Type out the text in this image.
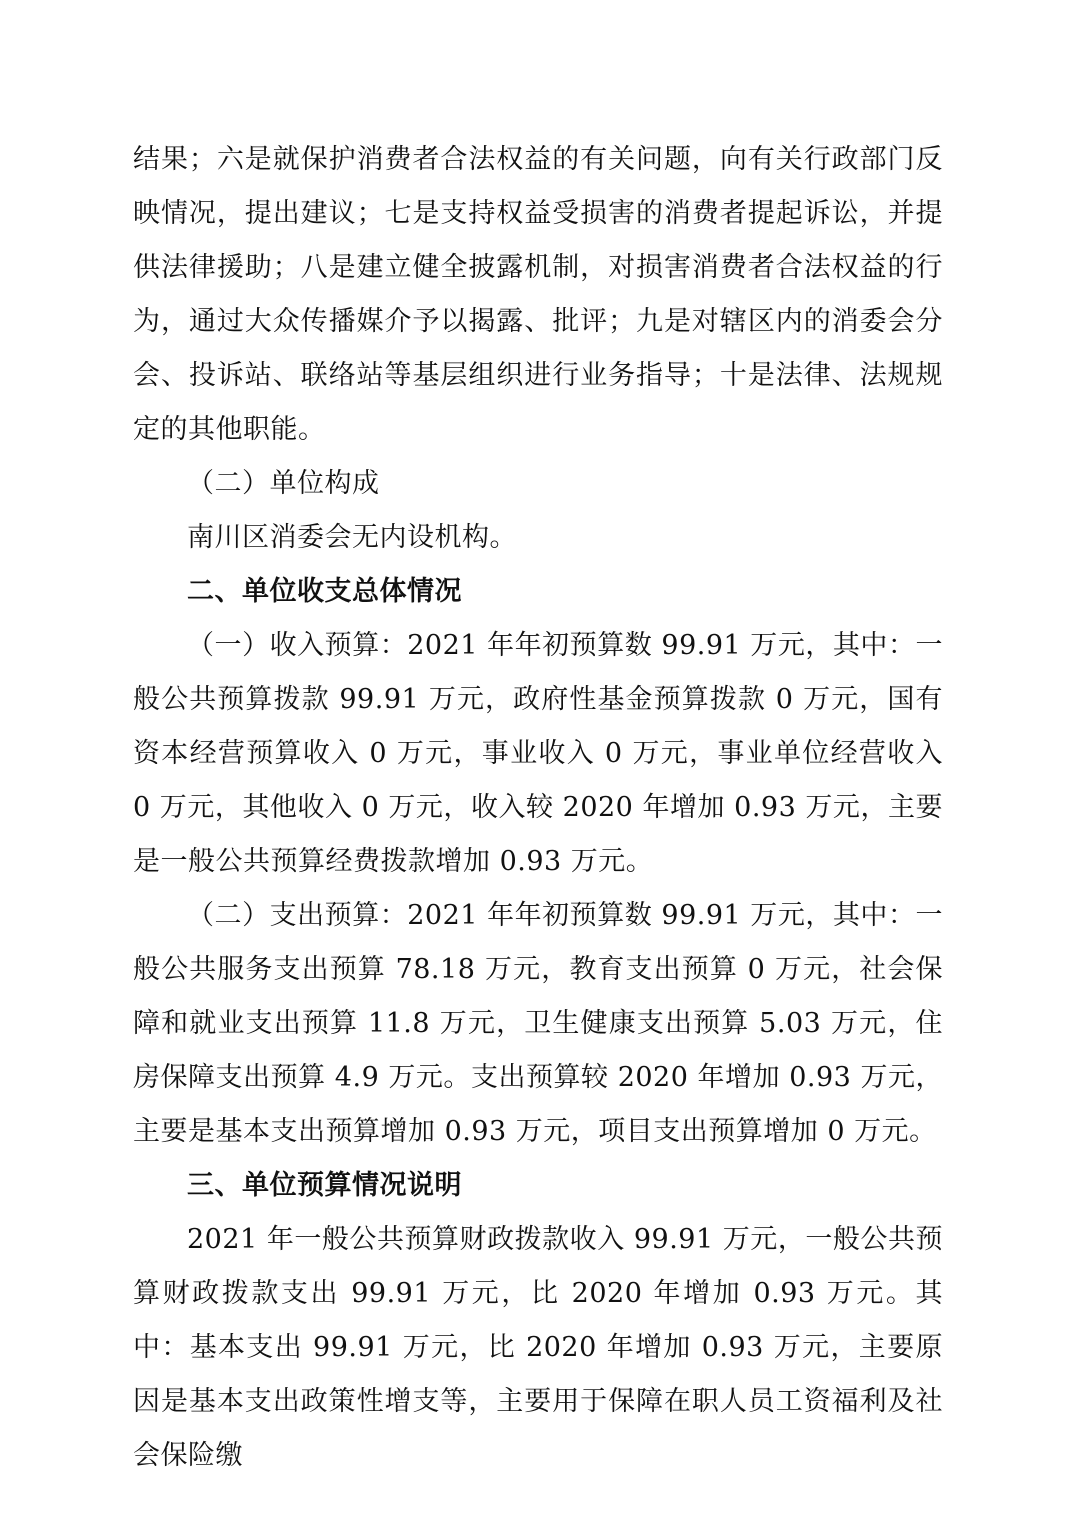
结果；六是就保护消费者合法权益的有关问题，向有关行政部门反映情况，提出建议；七是支持权益受损害的消费者提起诉讼，并提供法律援助；八是建立健全披露机制，对损害消费者合法权益的行为，通过大众传播媒介予以揭露、批评；九是对辖区内的消委会分会、投诉站、联络站等基层组织进行业务指导；十是法律、法规规定的其他职能。

（二）单位构成

南川区消委会无内设机构。

二、单位收支总体情况

（一）收入预算：2021 年年初预算数 99.91 万元，其中：一般公共预算拨款 99.91 万元，政府性基金预算拨款 0 万元，国有资本经营预算收入 0 万元，事业收入 0 万元，事业单位经营收入 0 万元，其他收入 0 万元，收入较 2020 年增加 0.93 万元，主要是一般公共预算经费拨款增加 0.93 万元。

（二）支出预算：2021 年年初预算数 99.91 万元，其中：一般公共服务支出预算 78.18 万元，教育支出预算 0 万元，社会保障和就业支出预算 11.8 万元，卫生健康支出预算 5.03 万元，住房保障支出预算 4.9 万元。支出预算较 2020 年增加 0.93 万元，主要是基本支出预算增加 0.93 万元，项目支出预算增加 0 万元。

三、单位预算情况说明

2021 年一般公共预算财政拨款收入 99.91 万元，一般公共预算财政拨款支出 99.91 万元，比 2020 年增加 0.93 万元。其中：基本支出 99.91 万元，比 2020 年增加 0.93 万元，主要原因是基本支出政策性增支等，主要用于保障在职人员工资福利及社会保险缴
